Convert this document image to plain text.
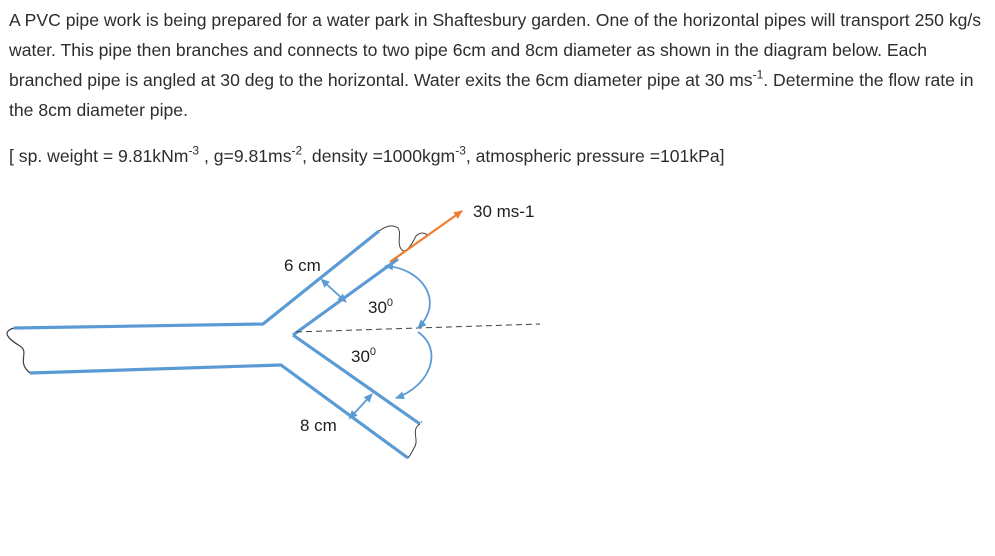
A PVC pipe work is being prepared for a water park in Shaftesbury garden. One of the horizontal pipes will transport 250 kg/s water. This pipe then branches and connects to two pipe 6cm and 8cm diameter as shown in the diagram below. Each branched pipe is angled at 30 deg to the horizontal. Water exits the 6cm diameter pipe at 30 $ms^{-1}$. Determine the flow rate in the 8cm diameter pipe.

[ sp. weight = 9.81kNm$^{-3}$ , $g=9.81ms^{-2}$, density =1000kgm$^{-3}$, atmospheric pressure =101kPa]

30 ms-1
6 cm
8 cm
$30^0$
$30^0$
